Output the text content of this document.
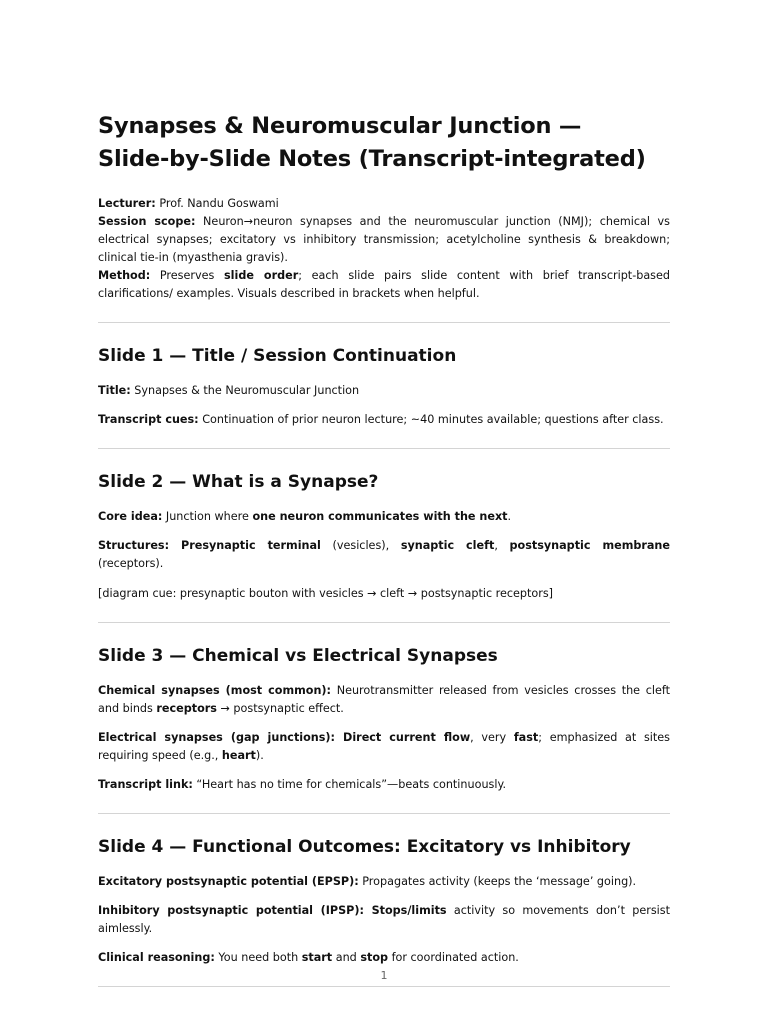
Synapses & Neuromuscular Junction —
Slide-by-Slide Notes (Transcript-integrated)

Lecturer: Prof. Nandu Goswami

Session scope: Neuron→neuron synapses and the neuromuscular junction (NMJ); chemical vs electrical synapses; excitatory vs inhibitory transmission; acetylcholine synthesis & breakdown; clinical tie-in (myasthenia gravis).

Method: Preserves slide order; each slide pairs slide content with brief transcript-based clarifications/ examples. Visuals described in brackets when helpful.

Slide 1 — Title / Session Continuation

Title: Synapses & the Neuromuscular Junction

Transcript cues: Continuation of prior neuron lecture; ~40 minutes available; questions after class.

Slide 2 — What is a Synapse?

Core idea: Junction where one neuron communicates with the next.

Structures: Presynaptic terminal (vesicles), synaptic cleft, postsynaptic membrane (receptors).

[diagram cue: presynaptic bouton with vesicles → cleft → postsynaptic receptors]

Slide 3 — Chemical vs Electrical Synapses

Chemical synapses (most common): Neurotransmitter released from vesicles crosses the cleft and binds receptors → postsynaptic effect.

Electrical synapses (gap junctions): Direct current flow, very fast; emphasized at sites requiring speed (e.g., heart).

Transcript link: “Heart has no time for chemicals”—beats continuously.

Slide 4 — Functional Outcomes: Excitatory vs Inhibitory

Excitatory postsynaptic potential (EPSP): Propagates activity (keeps the ‘message’ going).

Inhibitory postsynaptic potential (IPSP): Stops/limits activity so movements don’t persist aimlessly.

Clinical reasoning: You need both start and stop for coordinated action.

1
